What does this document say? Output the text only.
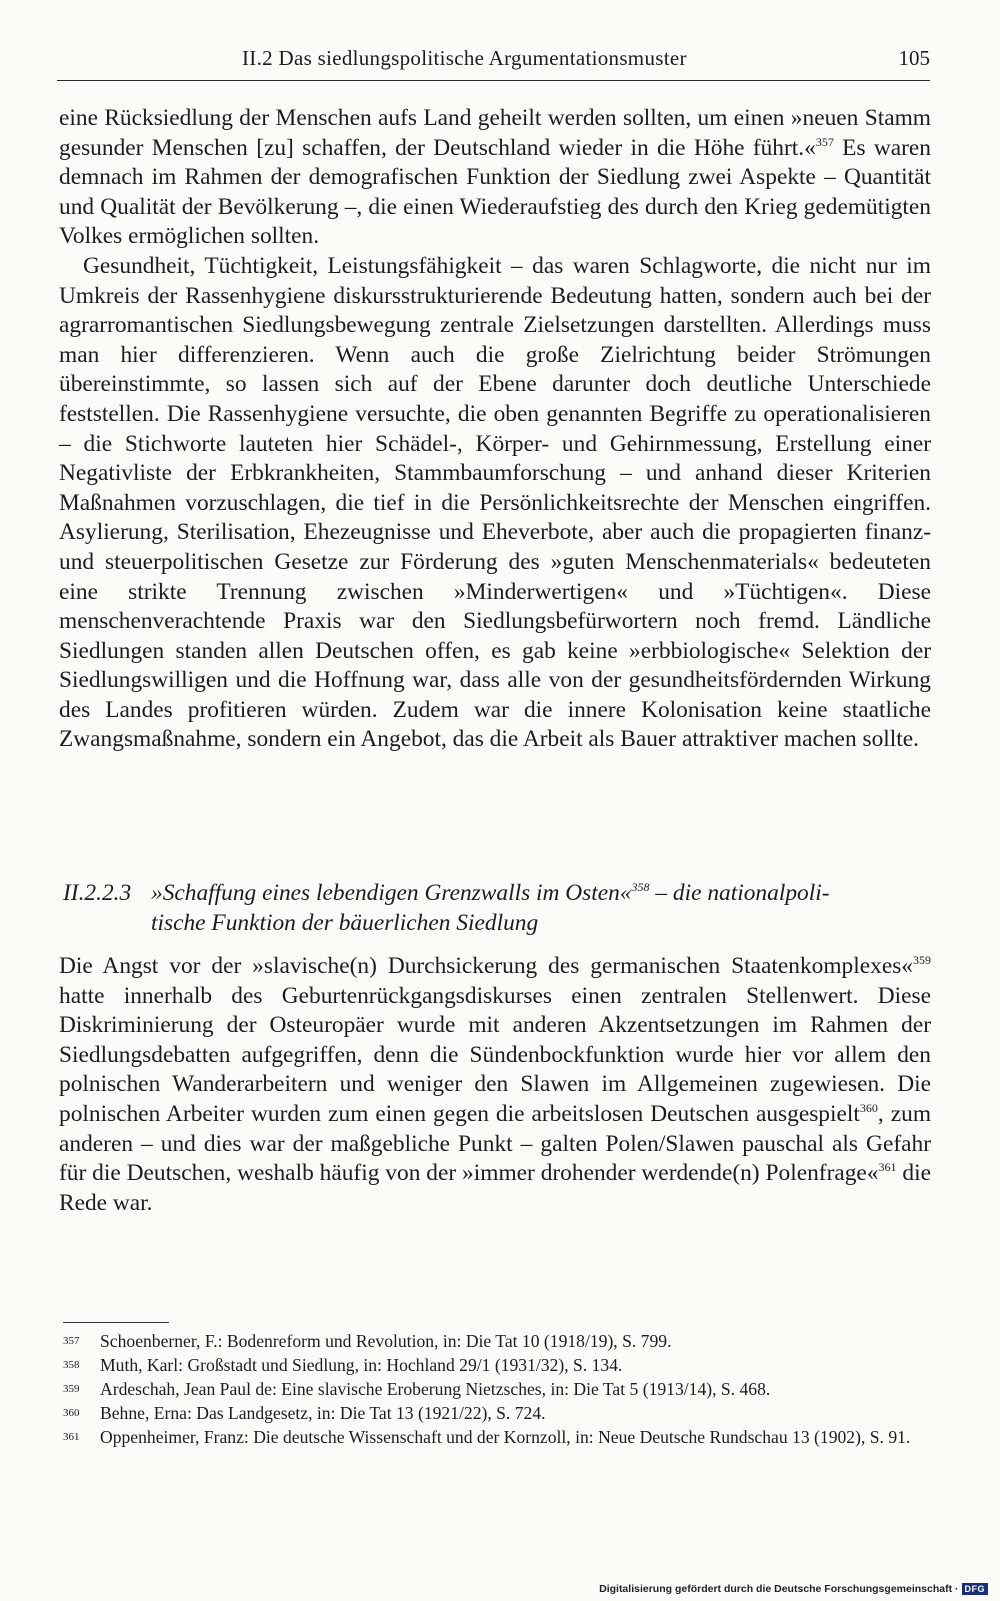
II.2 Das siedlungspolitische Argumentationsmuster	105

eine Rücksiedlung der Menschen aufs Land geheilt werden sollten, um einen »neuen Stamm gesunder Menschen [zu] schaffen, der Deutschland wieder in die Höhe führt.«$^{357}$ Es waren demnach im Rahmen der demografischen Funktion der Siedlung zwei Aspekte – Quantität und Qualität der Bevölkerung –, die einen Wiederaufstieg des durch den Krieg gedemütigten Volkes ermöglichen sollten.

Gesundheit, Tüchtigkeit, Leistungsfähigkeit – das waren Schlagworte, die nicht nur im Umkreis der Rassenhygiene diskursstrukturierende Bedeutung hatten, sondern auch bei der agrarromantischen Siedlungsbewegung zentrale Zielsetzungen darstellten. Allerdings muss man hier differenzieren. Wenn auch die große Zielrichtung beider Strömungen übereinstimmte, so lassen sich auf der Ebene darunter doch deutliche Unterschiede feststellen. Die Rassenhygiene versuchte, die oben genannten Begriffe zu operationalisieren – die Stichworte lauteten hier Schädel-, Körper- und Gehirnmessung, Erstellung einer Negativliste der Erbkrankheiten, Stammbaumforschung – und anhand dieser Kriterien Maßnahmen vorzuschlagen, die tief in die Persönlichkeitsrechte der Menschen eingriffen. Asylierung, Sterilisation, Ehezeugnisse und Eheverbote, aber auch die propagierten finanz- und steuerpolitischen Gesetze zur Förderung des »guten Menschenmaterials« bedeuteten eine strikte Trennung zwischen »Minderwertigen« und »Tüchtigen«. Diese menschenverachtende Praxis war den Siedlungsbefürwortern noch fremd. Ländliche Siedlungen standen allen Deutschen offen, es gab keine »erbbiologische« Selektion der Siedlungswilligen und die Hoffnung war, dass alle von der gesundheitsfördernden Wirkung des Landes profitieren würden. Zudem war die innere Kolonisation keine staatliche Zwangsmaßnahme, sondern ein Angebot, das die Arbeit als Bauer attraktiver machen sollte.

II.2.2.3 »Schaffung eines lebendigen Grenzwalls im Osten«$^{358}$ – die nationalpoli-
tische Funktion der bäuerlichen Siedlung

Die Angst vor der »slavische(n) Durchsickerung des germanischen Staatenkomplexes«$^{359}$ hatte innerhalb des Geburtenrückgangsdiskurses einen zentralen Stellenwert. Diese Diskriminierung der Osteuropäer wurde mit anderen Akzentsetzungen im Rahmen der Siedlungsdebatten aufgegriffen, denn die Sündenbockfunktion wurde hier vor allem den polnischen Wanderarbeitern und weniger den Slawen im Allgemeinen zugewiesen. Die polnischen Arbeiter wurden zum einen gegen die arbeitslosen Deutschen ausgespielt$^{360}$, zum anderen – und dies war der maßgebliche Punkt – galten Polen/Slawen pauschal als Gefahr für die Deutschen, weshalb häufig von der »immer drohender werdende(n) Polenfrage«$^{361}$ die Rede war.

357	Schoenberner, F.: Bodenreform und Revolution, in: Die Tat 10 (1918/19), S. 799.

358	Muth, Karl: Großstadt und Siedlung, in: Hochland 29/1 (1931/32), S. 134.

359	Ardeschah, Jean Paul de: Eine slavische Eroberung Nietzsches, in: Die Tat 5 (1913/14), S. 468.

360	Behne, Erna: Das Landgesetz, in: Die Tat 13 (1921/22), S. 724.

361	Oppenheimer, Franz: Die deutsche Wissenschaft und der Kornzoll, in: Neue Deutsche Rundschau 13 (1902), S. 91.

Digitalisierung gefördert durch die Deutsche Forschungsgemeinschaft · DFG
